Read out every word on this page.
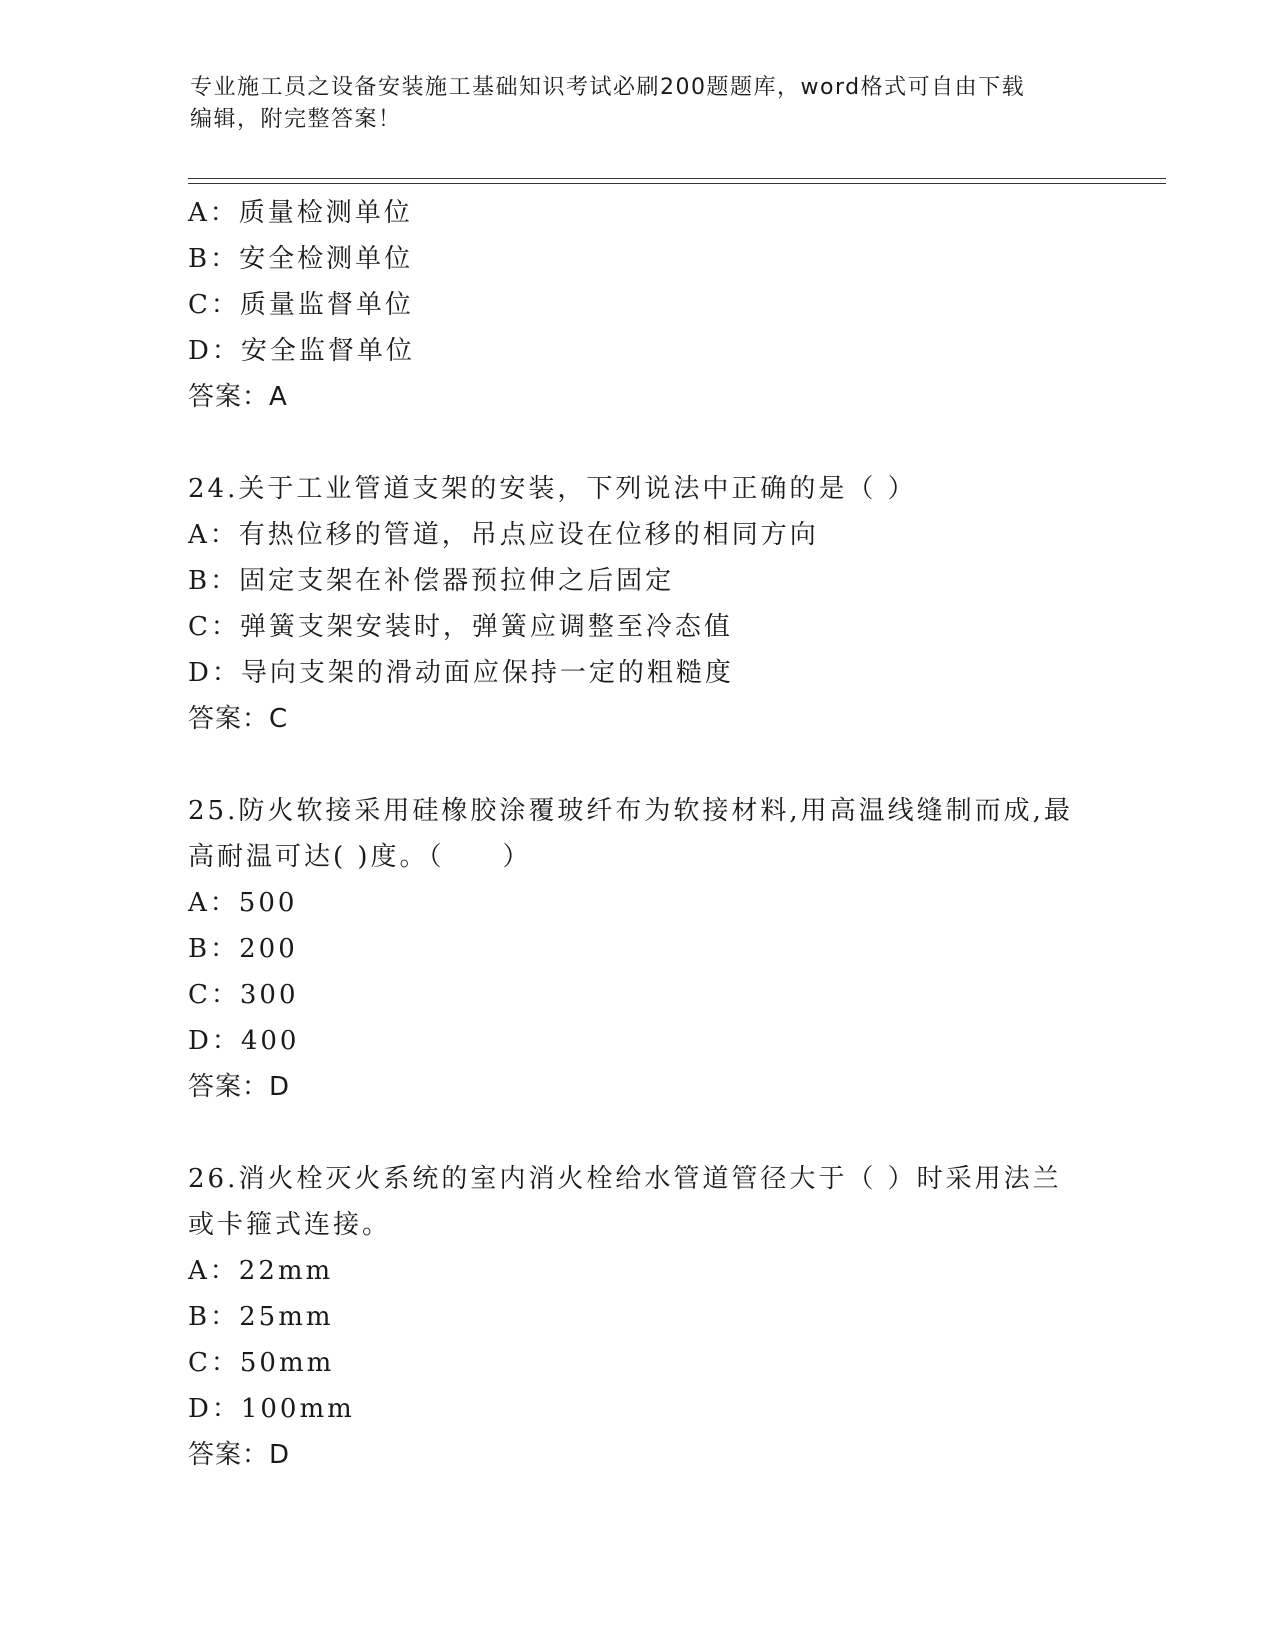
专业施工员之设备安装施工基础知识考试必刷200题题库，word格式可自由下载
编辑，附完整答案！
A：质量检测单位
B：安全检测单位
C：质量监督单位
D：安全监督单位
答案：A
24.关于工业管道支架的安装，下列说法中正确的是（ ）
A：有热位移的管道，吊点应设在位移的相同方向
B：固定支架在补偿器预拉伸之后固定
C：弹簧支架安装时，弹簧应调整至冷态值
D：导向支架的滑动面应保持一定的粗糙度
答案：C
25.防火软接采用硅橡胶涂覆玻纤布为软接材料,用高温线缝制而成,最
高耐温可达( )度。（　　）
A：500
B：200
C：300
D：400
答案：D
26.消火栓灭火系统的室内消火栓给水管道管径大于（ ）时采用法兰
或卡箍式连接。
A：22mm
B：25mm
C：50mm
D：100mm
答案：D
